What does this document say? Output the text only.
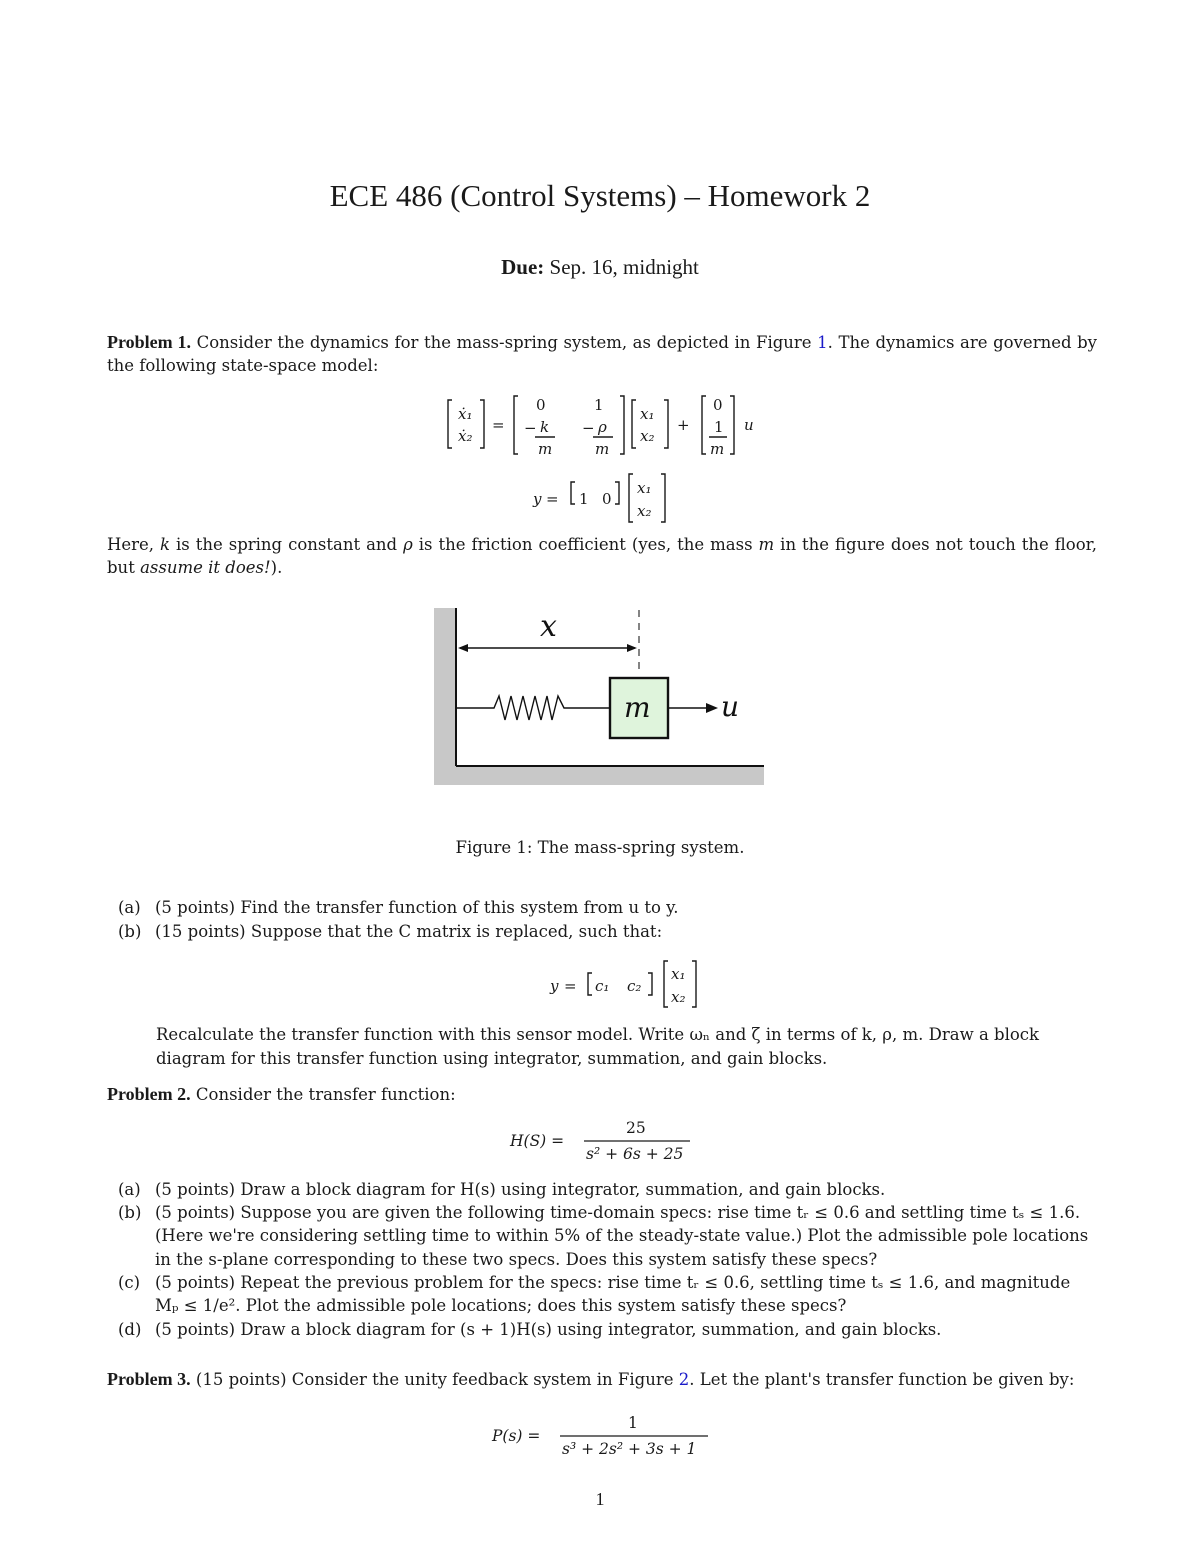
ECE 486 (Control Systems) – Homework 2
Due: Sep. 16, midnight
Problem 1. Consider the dynamics for the mass-spring system, as depicted in Figure 1. The dynamics are governed by the following state-space model:
ẋ₁
ẋ₂
=
0	1
− k
m
− ρ
m
x₁
x₂
+
0
1
m
u
y = 1 0
x₁
x₂
Here, k is the spring constant and ρ is the friction coefficient (yes, the mass m in the figure does not touch the floor, but assume it does!).
x
m	u
Figure 1: The mass-spring system.
(a) (5 points) Find the transfer function of this system from u to y.
(b) (15 points) Suppose that the C matrix is replaced, such that:
y = c₁ c₂
x₁
x₂
Recalculate the transfer function with this sensor model. Write ωₙ and ζ in terms of k, ρ, m. Draw a block
diagram for this transfer function using integrator, summation, and gain blocks.
Problem 2. Consider the transfer function:
H(S) =
25
s² + 6s + 25
(a) (5 points) Draw a block diagram for H(s) using integrator, summation, and gain blocks.
(b) (5 points) Suppose you are given the following time-domain specs: rise time tᵣ ≤ 0.6 and settling time tₛ ≤ 1.6.
(Here we're considering settling time to within 5% of the steady-state value.) Plot the admissible pole locations
in the s-plane corresponding to these two specs. Does this system satisfy these specs?
(c) (5 points) Repeat the previous problem for the specs: rise time tᵣ ≤ 0.6, settling time tₛ ≤ 1.6, and magnitude
Mₚ ≤ 1/e². Plot the admissible pole locations; does this system satisfy these specs?
(d) (5 points) Draw a block diagram for (s + 1)H(s) using integrator, summation, and gain blocks.
Problem 3. (15 points) Consider the unity feedback system in Figure 2. Let the plant's transfer function be given by:
P(s) =
1
s³ + 2s² + 3s + 1
1
